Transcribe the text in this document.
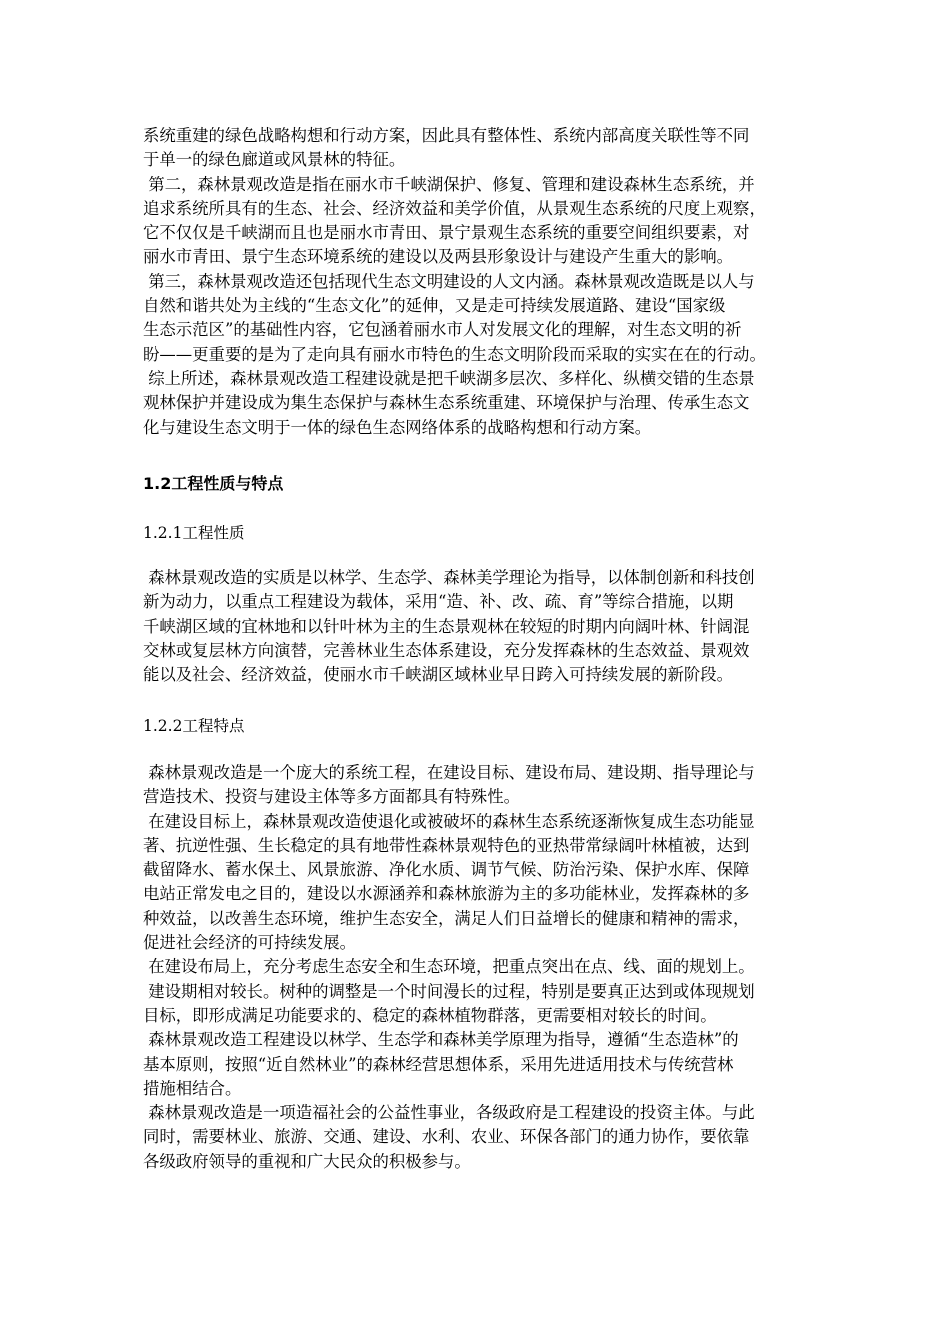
系统重建的绿色战略构想和行动方案，因此具有整体性、系统内部高度关联性等不同
于单一的绿色廊道或风景林的特征。
第二，森林景观改造是指在丽水市千峡湖保护、修复、管理和建设森林生态系统，并
追求系统所具有的生态、社会、经济效益和美学价值，从景观生态系统的尺度上观察，
它不仅仅是千峡湖而且也是丽水市青田、景宁景观生态系统的重要空间组织要素，对
丽水市青田、景宁生态环境系统的建设以及两县形象设计与建设产生重大的影响。
第三，森林景观改造还包括现代生态文明建设的人文内涵。森林景观改造既是以人与
自然和谐共处为主线的“生态文化”的延伸，又是走可持续发展道路、建设“国家级
生态示范区”的基础性内容，它包涵着丽水市人对发展文化的理解，对生态文明的祈
盼——更重要的是为了走向具有丽水市特色的生态文明阶段而采取的实实在在的行动。
综上所述，森林景观改造工程建设就是把千峡湖多层次、多样化、纵横交错的生态景
观林保护并建设成为集生态保护与森林生态系统重建、环境保护与治理、传承生态文
化与建设生态文明于一体的绿色生态网络体系的战略构想和行动方案。
1.2工程性质与特点
1.2.1工程性质
森林景观改造的实质是以林学、生态学、森林美学理论为指导，以体制创新和科技创
新为动力，以重点工程建设为载体，采用“造、补、改、疏、育”等综合措施，以期
千峡湖区域的宜林地和以针叶林为主的生态景观林在较短的时期内向阔叶林、针阔混
交林或复层林方向演替，完善林业生态体系建设，充分发挥森林的生态效益、景观效
能以及社会、经济效益，使丽水市千峡湖区域林业早日跨入可持续发展的新阶段。
1.2.2工程特点
森林景观改造是一个庞大的系统工程，在建设目标、建设布局、建设期、指导理论与
营造技术、投资与建设主体等多方面都具有特殊性。
在建设目标上，森林景观改造使退化或被破坏的森林生态系统逐渐恢复成生态功能显
著、抗逆性强、生长稳定的具有地带性森林景观特色的亚热带常绿阔叶林植被，达到
截留降水、蓄水保土、风景旅游、净化水质、调节气候、防治污染、保护水库、保障
电站正常发电之目的，建设以水源涵养和森林旅游为主的多功能林业，发挥森林的多
种效益，以改善生态环境，维护生态安全，满足人们日益增长的健康和精神的需求，
促进社会经济的可持续发展。
在建设布局上，充分考虑生态安全和生态环境，把重点突出在点、线、面的规划上。
建设期相对较长。树种的调整是一个时间漫长的过程，特别是要真正达到或体现规划
目标，即形成满足功能要求的、稳定的森林植物群落，更需要相对较长的时间。
森林景观改造工程建设以林学、生态学和森林美学原理为指导，遵循“生态造林”的
基本原则，按照“近自然林业”的森林经营思想体系，采用先进适用技术与传统营林
措施相结合。
森林景观改造是一项造福社会的公益性事业，各级政府是工程建设的投资主体。与此
同时，需要林业、旅游、交通、建设、水利、农业、环保各部门的通力协作，要依靠
各级政府领导的重视和广大民众的积极参与。
